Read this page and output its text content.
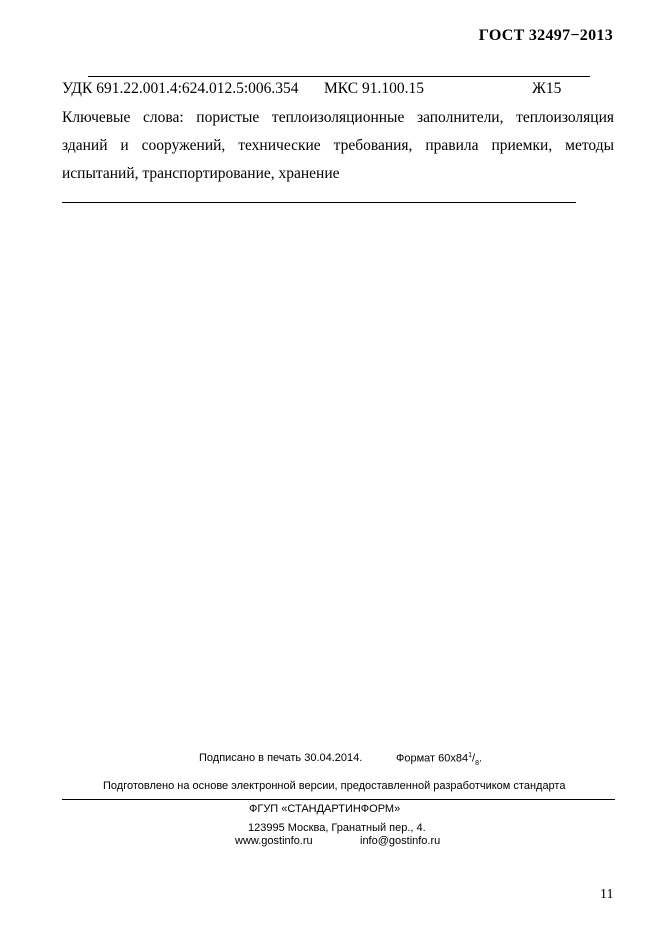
ГОСТ 32497−2013
УДК 691.22.001.4:624.012.5:006.354 МКС 91.100.15	Ж15
Ключевые слова: пористые теплоизоляционные заполнители, теплоизоляция зданий и сооружений, технические требования, правила приемки, методы испытаний, транспортирование, хранение
Подписано в печать 30.04.2014.	Формат $60x84^1/_8$.
Подготовлено на основе электронной версии, предоставленной разработчиком стандарта
ФГУП «СТАНДАРТИНФОРМ»
123995 Москва, Гранатный пер., 4.
www.gostinfo.ru	info@gostinfo.ru
11
